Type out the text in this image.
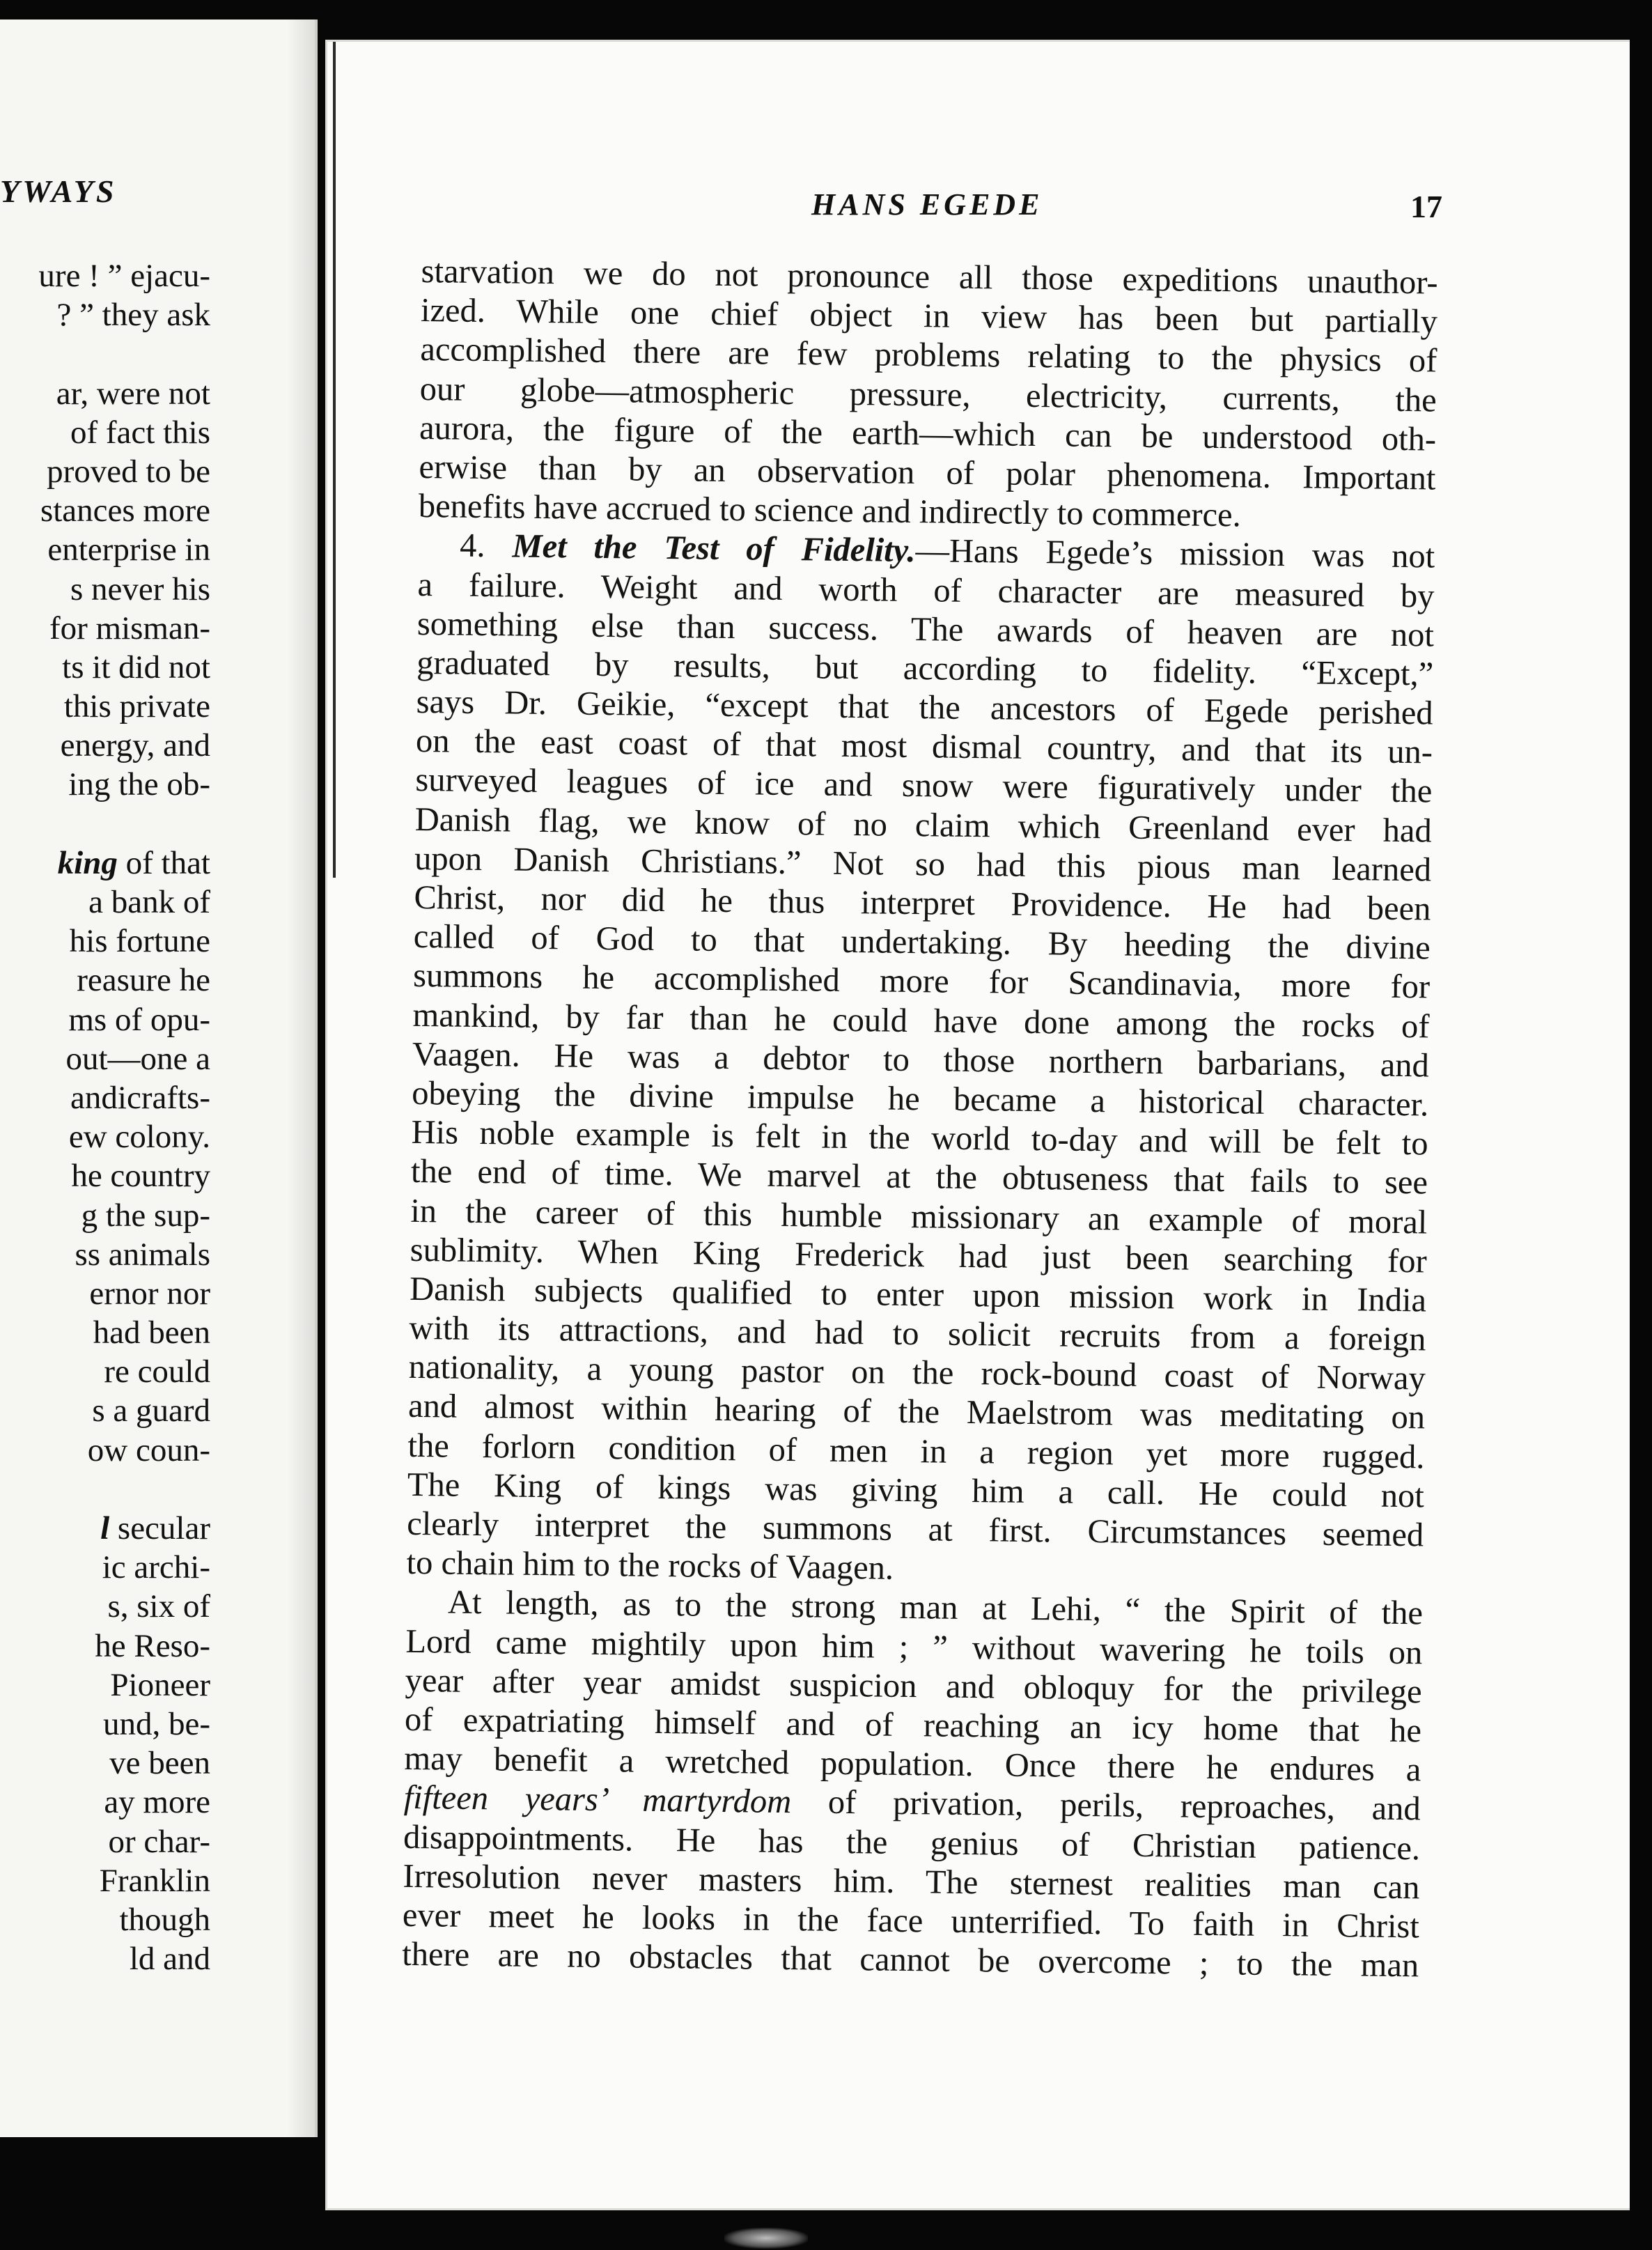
YWAYS
ure ! ” ejacu-
? ” they ask
ar, were not
of fact this
proved to be
stances more
enterprise in
s never his
for misman-
ts it did not
this private
energy, and
ing the ob-
king of that
a bank of
his fortune
reasure he
ms of opu-
out—one a
andicrafts-
ew colony.
he country
g the sup-
ss animals
ernor nor
had been
re could
s a guard
ow coun-
l secular
ic archi-
s, six of
he Reso-
Pioneer
und, be-
ve been
ay more
or char-
Franklin
though
ld and
HANS EGEDE	17
starvation we do not pronounce all those expeditions unauthor-
ized. While one chief object in view has been but partially
accomplished there are few problems relating to the physics of
our globe—atmospheric pressure, electricity, currents, the
aurora, the figure of the earth—which can be understood oth-
erwise than by an observation of polar phenomena. Important
benefits have accrued to science and indirectly to commerce.
4. Met the Test of Fidelity.—Hans Egede’s mission was not
a failure. Weight and worth of character are measured by
something else than success. The awards of heaven are not
graduated by results, but according to fidelity. “Except,”
says Dr. Geikie, “except that the ancestors of Egede perished
on the east coast of that most dismal country, and that its un-
surveyed leagues of ice and snow were figuratively under the
Danish flag, we know of no claim which Greenland ever had
upon Danish Christians.” Not so had this pious man learned
Christ, nor did he thus interpret Providence. He had been
called of God to that undertaking. By heeding the divine
summons he accomplished more for Scandinavia, more for
mankind, by far than he could have done among the rocks of
Vaagen. He was a debtor to those northern barbarians, and
obeying the divine impulse he became a historical character.
His noble example is felt in the world to-day and will be felt to
the end of time. We marvel at the obtuseness that fails to see
in the career of this humble missionary an example of moral
sublimity. When King Frederick had just been searching for
Danish subjects qualified to enter upon mission work in India
with its attractions, and had to solicit recruits from a foreign
nationality, a young pastor on the rock-bound coast of Norway
and almost within hearing of the Maelstrom was meditating on
the forlorn condition of men in a region yet more rugged.
The King of kings was giving him a call. He could not
clearly interpret the summons at first. Circumstances seemed
to chain him to the rocks of Vaagen.
At length, as to the strong man at Lehi, “ the Spirit of the
Lord came mightily upon him ; ” without wavering he toils on
year after year amidst suspicion and obloquy for the privilege
of expatriating himself and of reaching an icy home that he
may benefit a wretched population. Once there he endures a
fifteen years’ martyrdom of privation, perils, reproaches, and
disappointments. He has the genius of Christian patience.
Irresolution never masters him. The sternest realities man can
ever meet he looks in the face unterrified. To faith in Christ
there are no obstacles that cannot be overcome ; to the man
